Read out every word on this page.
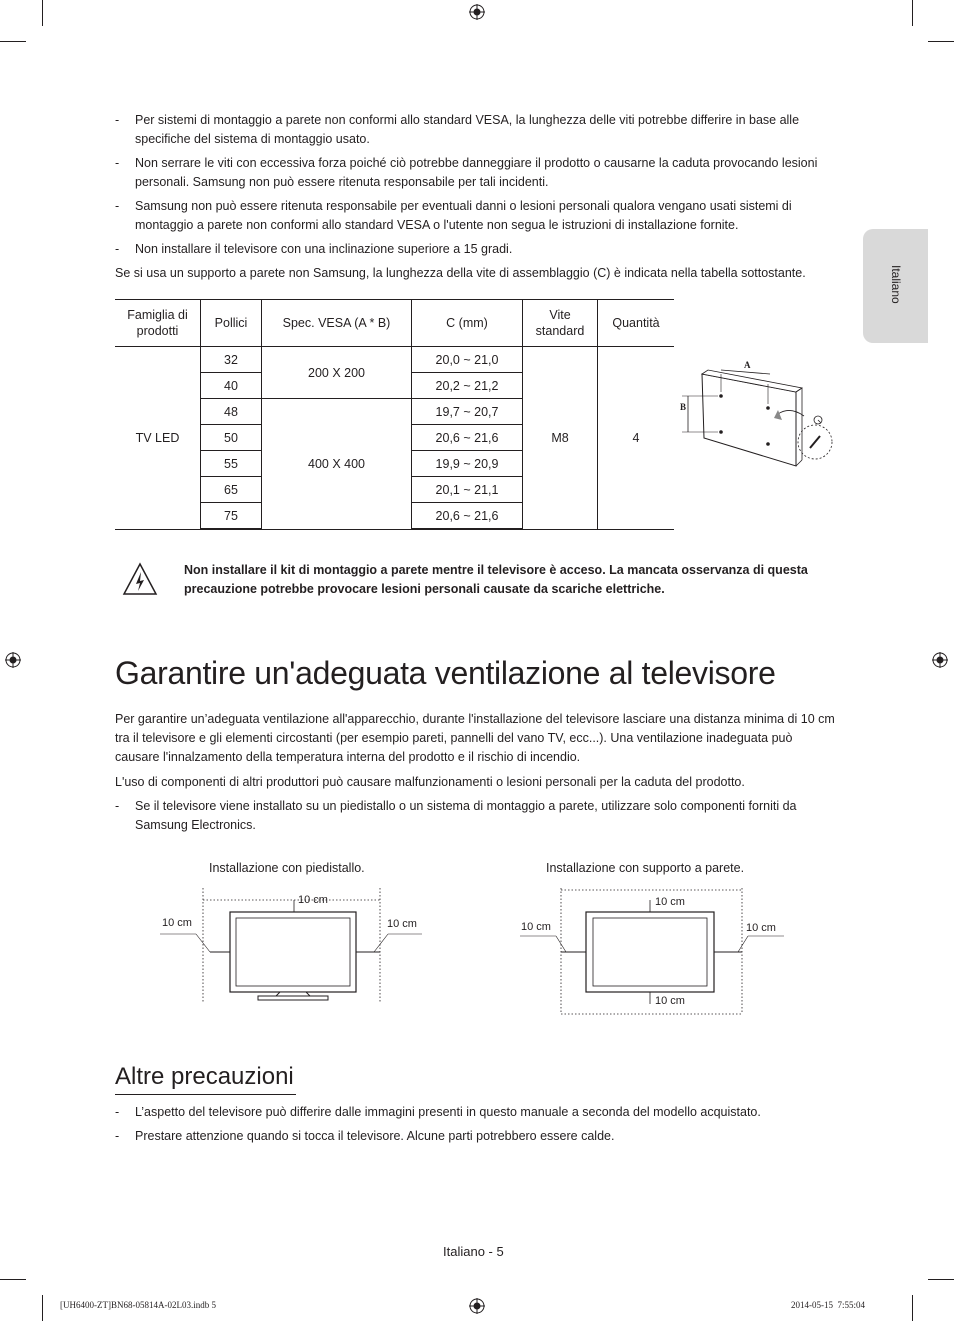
Italiano
-	Per sistemi di montaggio a parete non conformi allo standard VESA, la lunghezza delle viti potrebbe differire in base alle specifiche del sistema di montaggio usato.
-	Non serrare le viti con eccessiva forza poiché ciò potrebbe danneggiare il prodotto o causarne la caduta provocando lesioni personali. Samsung non può essere ritenuta responsabile per tali incidenti.
-	Samsung non può essere ritenuta responsabile per eventuali danni o lesioni personali qualora vengano usati sistemi di montaggio a parete non conformi allo standard VESA o l'utente non segua le istruzioni di installazione fornite.
-	Non installare il televisore con una inclinazione superiore a 15 gradi.

Se si usa un supporto a parete non Samsung, la lunghezza della vite di assemblaggio (C) è indicata nella tabella sottostante.

Famiglia di prodotti	Pollici	Spec. VESA (A * B)	C (mm)	Vite standard	Quantità
TV LED	32	200 X 200	20,0 ~ 21,0	M8	4
	40		20,2 ~ 21,2		
	48	400 X 400	19,7 ~ 20,7		
	50		20,6 ~ 21,6		
	55		19,9 ~ 20,9		
	65		20,1 ~ 21,1		
	75		20,6 ~ 21,6		
A
B
Non installare il kit di montaggio a parete mentre il televisore è acceso. La mancata osservanza di questa precauzione potrebbe provocare lesioni personali causate da scariche elettriche.
Garantire un'adeguata ventilazione al televisore

Per garantire un’adeguata ventilazione all'apparecchio, durante l'installazione del televisore lasciare una distanza minima di 10 cm tra il televisore e gli elementi circostanti (per esempio pareti, pannelli del vano TV, ecc...). Una ventilazione inadeguata può causare l'innalzamento della temperatura interna del prodotto e il rischio di incendio.

L'uso di componenti di altri produttori può causare malfunzionamenti o lesioni personali per la caduta del prodotto.

-	Se il televisore viene installato su un piedistallo o un sistema di montaggio a parete, utilizzare solo componenti forniti da Samsung Electronics.
Installazione con piedistallo.	Installazione con supporto a parete.
10 cm
10 cm	10 cm
10 cm
10 cm	10 cm
10 cm
Altre precauzioni
-	L’aspetto del televisore può differire dalle immagini presenti in questo manuale a seconda del modello acquistato.
-	Prestare attenzione quando si tocca il televisore. Alcune parti potrebbero essere calde.
Italiano - 5
[UH6400-ZT]BN68-05814A-02L03.indb 5	2014-05-15  7:55:04
